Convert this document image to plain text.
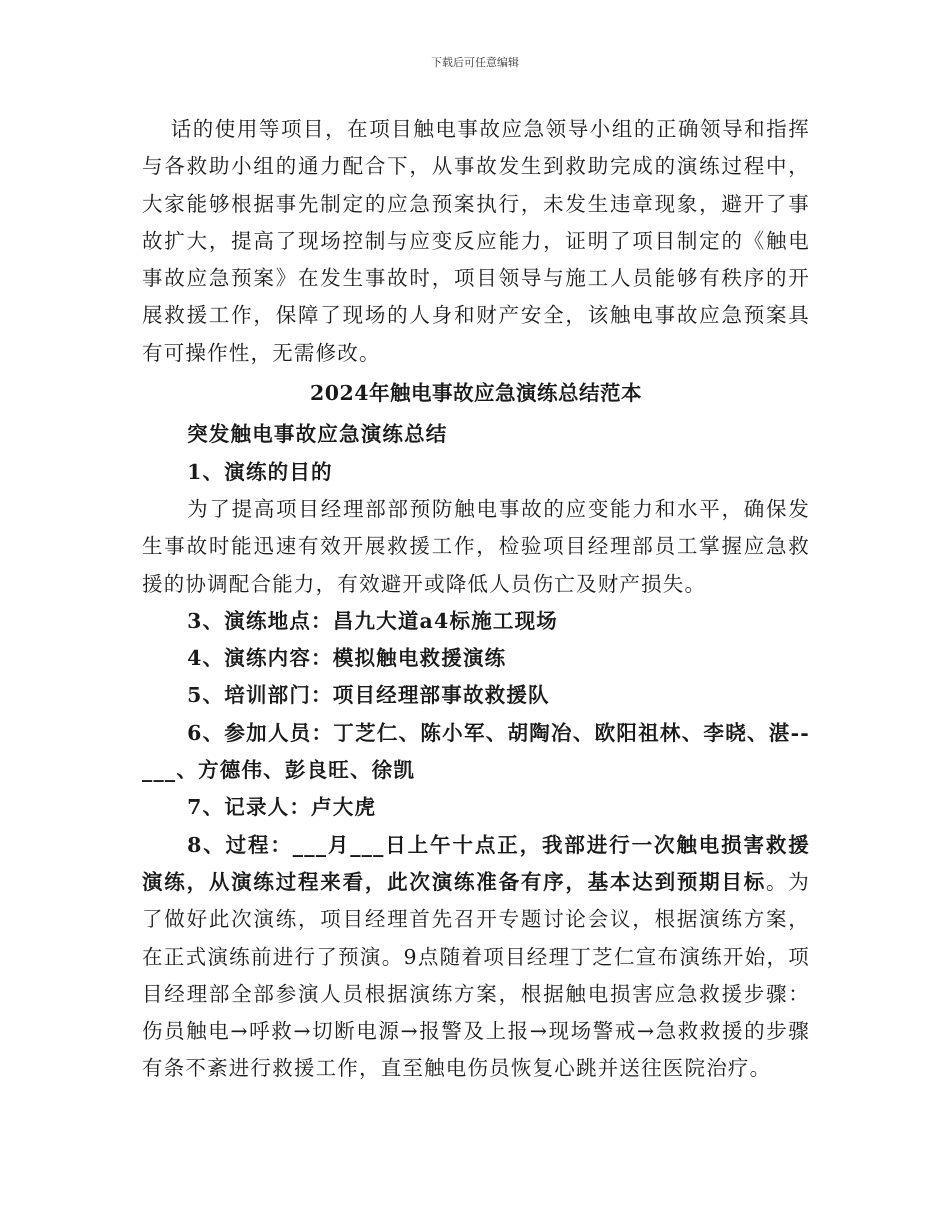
下载后可任意编辑

话的使用等项目，在项目触电事故应急领导小组的正确领导和指挥与各救助小组的通力配合下，从事故发生到救助完成的演练过程中，大家能够根据事先制定的应急预案执行，未发生违章现象，避开了事故扩大，提高了现场控制与应变反应能力，证明了项目制定的《触电事故应急预案》在发生事故时，项目领导与施工人员能够有秩序的开展救援工作，保障了现场的人身和财产安全，该触电事故应急预案具有可操作性，无需修改。

2024年触电事故应急演练总结范本

突发触电事故应急演练总结

1、演练的目的

为了提高项目经理部部预防触电事故的应变能力和水平，确保发生事故时能迅速有效开展救援工作，检验项目经理部员工掌握应急救援的协调配合能力，有效避开或降低人员伤亡及财产损失。

3、演练地点：昌九大道a4标施工现场

4、演练内容：模拟触电救援演练

5、培训部门：项目经理部事故救援队

6、参加人员：丁芝仁、陈小军、胡陶冶、欧阳祖林、李晓、湛-- ___、方德伟、彭良旺、徐凯

7、记录人：卢大虎

8、过程：___月___日上午十点正，我部进行一次触电损害救援演练，从演练过程来看，此次演练准备有序，基本达到预期目标。为了做好此次演练，项目经理首先召开专题讨论会议，根据演练方案，在正式演练前进行了预演。9点随着项目经理丁芝仁宣布演练开始，项目经理部全部参演人员根据演练方案，根据触电损害应急救援步骤：伤员触电→呼救→切断电源→报警及上报→现场警戒→急救救援的步骤有条不紊进行救援工作，直至触电伤员恢复心跳并送往医院治疗。
